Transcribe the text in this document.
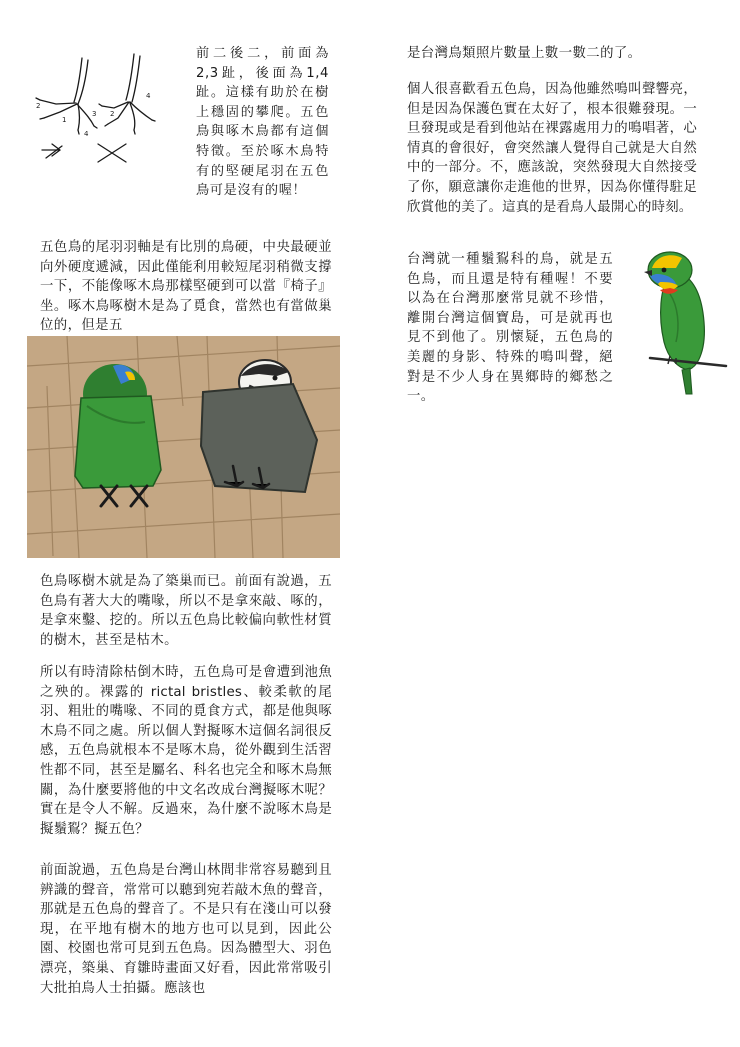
2
1
3
4
2
4

前二後二，前面為2,3趾，後面為1,4趾。這樣有助於在樹上穩固的攀爬。五色鳥與啄木鳥都有這個特徵。至於啄木鳥特有的堅硬尾羽在五色鳥可是沒有的喔！

五色鳥的尾羽羽軸是有比別的鳥硬，中央最硬並向外硬度遞減，因此僅能利用較短尾羽稍微支撐一下，不能像啄木鳥那樣堅硬到可以當『椅子』坐。啄木鳥啄樹木是為了覓食，當然也有當做巢位的，但是五

色鳥啄樹木就是為了築巢而已。前面有說過，五色鳥有著大大的嘴喙，所以不是拿來敲、啄的，是拿來鑿、挖的。所以五色鳥比較偏向軟性材質的樹木，甚至是枯木。

所以有時清除枯倒木時，五色鳥可是會遭到池魚之殃的。裸露的 rictal bristles、較柔軟的尾羽、粗壯的嘴喙、不同的覓食方式，都是他與啄木鳥不同之處。所以個人對擬啄木這個名詞很反感，五色鳥就根本不是啄木鳥，從外觀到生活習性都不同，甚至是屬名、科名也完全和啄木鳥無關，為什麼要將他的中文名改成台灣擬啄木呢？實在是令人不解。反過來，為什麼不說啄木鳥是擬鬚鴷？擬五色？

前面說過，五色鳥是台灣山林間非常容易聽到且辨識的聲音，常常可以聽到宛若敲木魚的聲音，那就是五色鳥的聲音了。不是只有在淺山可以發現，在平地有樹木的地方也可以見到，因此公園、校園也常可見到五色鳥。因為體型大、羽色漂亮，築巢、育雛時畫面又好看，因此常常吸引大批拍鳥人士拍攝。應該也

是台灣鳥類照片數量上數一數二的了。

個人很喜歡看五色鳥，因為他雖然鳴叫聲響亮，但是因為保護色實在太好了，根本很難發現。一旦發現或是看到他站在裸露處用力的鳴唱著，心情真的會很好，會突然讓人覺得自己就是大自然中的一部分。不，應該說，突然發現大自然接受了你，願意讓你走進他的世界，因為你懂得駐足欣賞他的美了。這真的是看鳥人最開心的時刻。

台灣就一種鬚鴷科的鳥，就是五色鳥，而且還是特有種喔！不要以為在台灣那麼常見就不珍惜，離開台灣這個寶島，可是就再也見不到他了。別懷疑，五色鳥的美麗的身影、特殊的鳴叫聲，絕對是不少人身在異鄉時的鄉愁之一。
